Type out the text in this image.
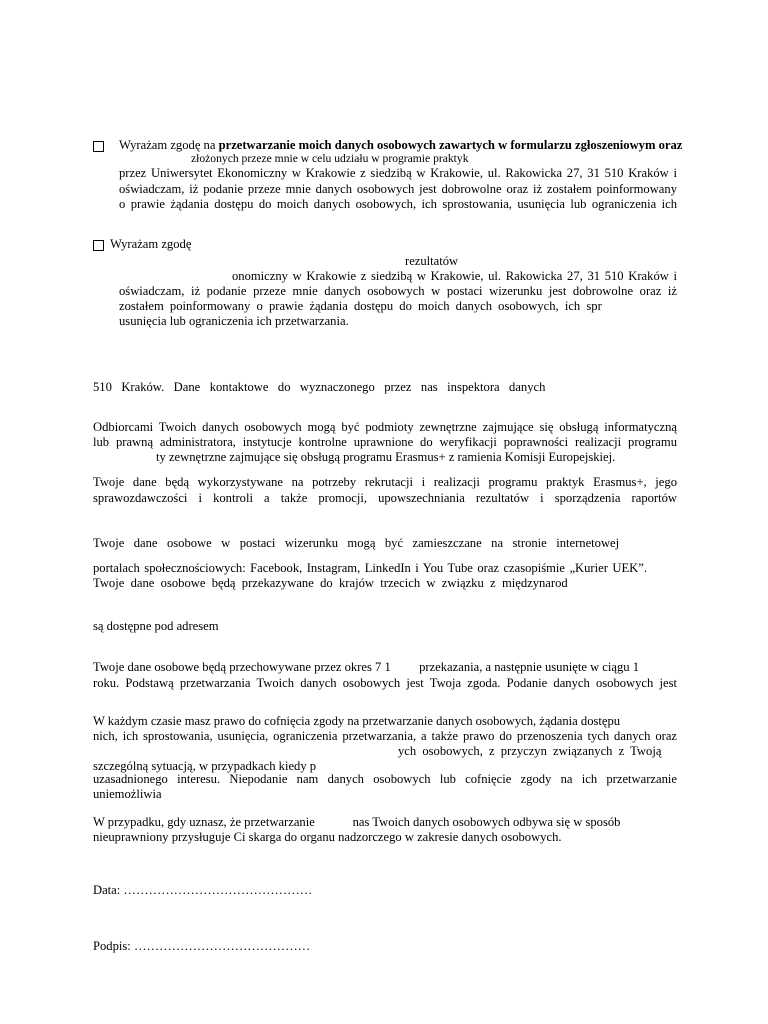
Wyrażam zgodę na przetwarzanie moich danych osobowych zawartych w formularzu zgłoszeniowym oraz
złożonych przeze mnie w celu udziału w programie praktyk
przez Uniwersytet Ekonomiczny w Krakowie z siedzibą w Krakowie, ul. Rakowicka 27, 31 510 Kraków i
oświadczam, iż podanie przeze mnie danych osobowych jest dobrowolne oraz iż zostałem poinformowany
o prawie żądania dostępu do moich danych osobowych, ich sprostowania, usunięcia lub ograniczenia ich
Wyrażam zgodę
rezultatów
onomiczny w Krakowie z siedzibą w Krakowie, ul. Rakowicka 27, 31 510 Kraków i
oświadczam, iż podanie przeze mnie danych osobowych w postaci wizerunku jest dobrowolne oraz iż
zostałem poinformowany o prawie żądania dostępu do moich danych osobowych, ich spr
usunięcia lub ograniczenia ich przetwarzania.
510   Kraków.   Dane   kontaktowe   do   wyznaczonego   przez   nas   inspektora   danych
Odbiorcami Twoich danych osobowych mogą być podmioty zewnętrzne zajmujące się obsługą informatyczną
lub prawną administratora, instytucje kontrolne uprawnione do weryfikacji poprawności realizacji programu
ty zewnętrzne zajmujące się obsługą programu Erasmus+ z ramienia Komisji Europejskiej.
Twoje dane będą wykorzystywane na potrzeby rekrutacji i realizacji programu praktyk Erasmus+, jego
sprawozdawczości i kontroli a także promocji, upowszechniania rezultatów i sporządzenia raportów
Twoje   dane   osobowe   w   postaci   wizerunku   mogą   być   zamieszczane   na   stronie   internetowej
portalach społecznościowych: Facebook, Instagram, LinkedIn i You Tube oraz czasopiśmie „Kurier UEK”.
Twoje  dane  osobowe  będą  przekazywane  do  krajów  trzecich  w  związku  z  międzynarod
są dostępne pod adresem
Twoje dane osobowe będą przechowywane przez okres 7 1         przekazania, a następnie usunięte w ciągu 1
roku. Podstawą przetwarzania Twoich danych osobowych jest Twoja zgoda. Podanie danych osobowych jest
W każdym czasie masz prawo do cofnięcia zgody na przetwarzanie danych osobowych, żądania dostępu
nich, ich sprostowania, usunięcia, ograniczenia przetwarzania, a także prawo do przenoszenia tych danych oraz
ych osobowych, z przyczyn związanych z Twoją
szczególną sytuacją, w przypadkach kiedy p
uzasadnionego interesu. Niepodanie nam danych osobowych lub cofnięcie zgody na ich przetwarzanie
uniemożliwia
W przypadku, gdy uznasz, że przetwarzanie            nas Twoich danych osobowych odbywa się w sposób
nieuprawniony przysługuje Ci skarga do organu nadzorczego w zakresie danych osobowych.
Data: ………………………………………
Podpis: ……………………………………
